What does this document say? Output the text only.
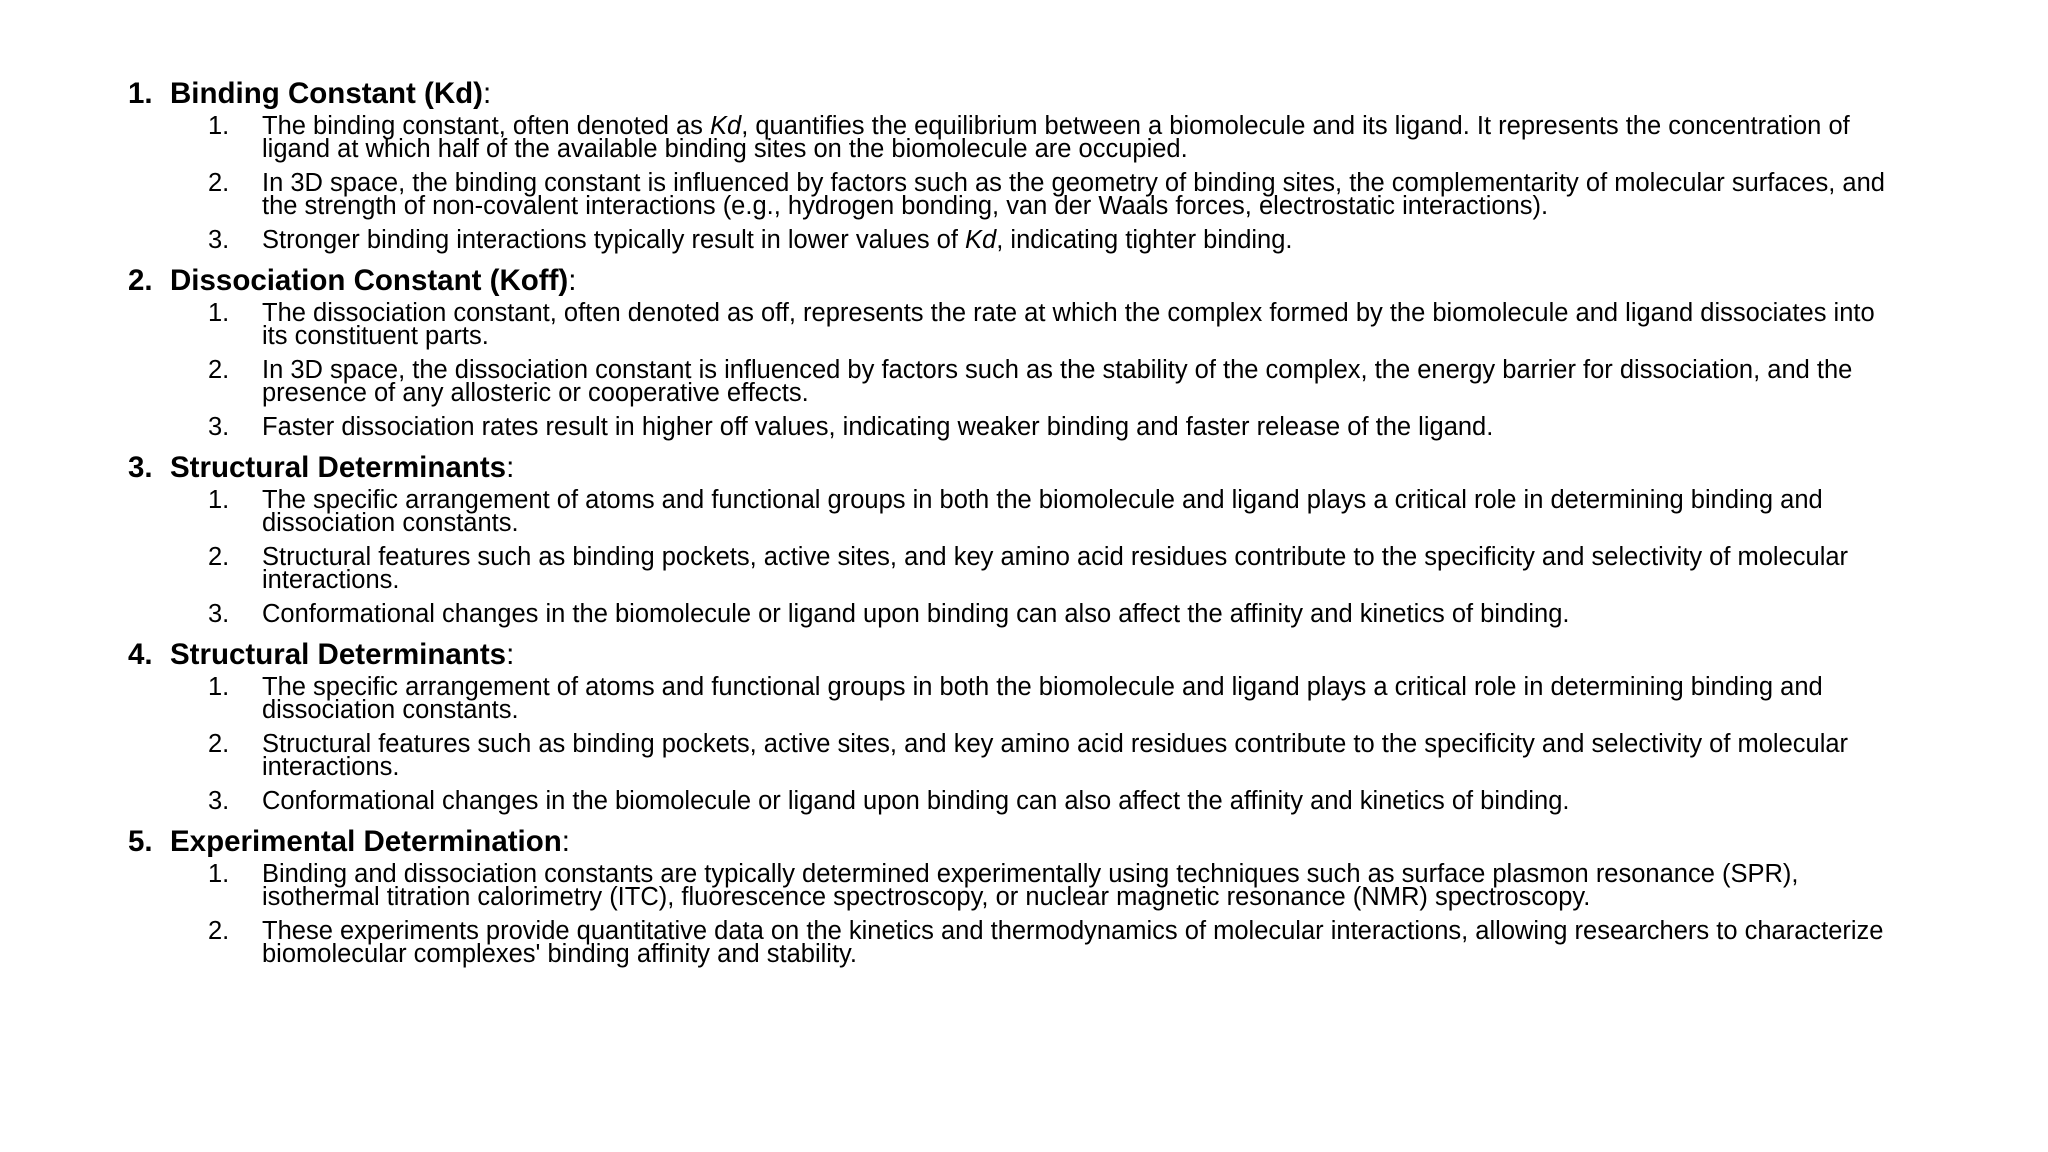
1. Binding Constant (Kd) :
1.	The binding constant, often denoted as Kd, quantifies the equilibrium between a biomolecule and its ligand. It represents the concentration of ligand at which half of the available binding sites on the biomolecule are occupied.
2.	In 3D space, the binding constant is influenced by factors such as the geometry of binding sites, the complementarity of molecular surfaces, and the strength of non-covalent interactions (e.g., hydrogen bonding, van der Waals forces, electrostatic interactions).
3.	Stronger binding interactions typically result in lower values of Kd, indicating tighter binding.
2. Dissociation Constant (Koff) :
1.	The dissociation constant, often denoted as off, represents the rate at which the complex formed by the biomolecule and ligand dissociates into its constituent parts.
2.	In 3D space, the dissociation constant is influenced by factors such as the stability of the complex, the energy barrier for dissociation, and the presence of any allosteric or cooperative effects.
3.	Faster dissociation rates result in higher off values, indicating weaker binding and faster release of the ligand.
3. Structural Determinants :
1.	The specific arrangement of atoms and functional groups in both the biomolecule and ligand plays a critical role in determining binding and dissociation constants.
2.	Structural features such as binding pockets, active sites, and key amino acid residues contribute to the specificity and selectivity of molecular interactions.
3.	Conformational changes in the biomolecule or ligand upon binding can also affect the affinity and kinetics of binding.
4. Structural Determinants :
1.	The specific arrangement of atoms and functional groups in both the biomolecule and ligand plays a critical role in determining binding and dissociation constants.
2.	Structural features such as binding pockets, active sites, and key amino acid residues contribute to the specificity and selectivity of molecular interactions.
3.	Conformational changes in the biomolecule or ligand upon binding can also affect the affinity and kinetics of binding.
5. Experimental Determination :
1.	Binding and dissociation constants are typically determined experimentally using techniques such as surface plasmon resonance (SPR), isothermal titration calorimetry (ITC), fluorescence spectroscopy, or nuclear magnetic resonance (NMR) spectroscopy.
2.	These experiments provide quantitative data on the kinetics and thermodynamics of molecular interactions, allowing researchers to characterize biomolecular complexes' binding affinity and stability.
